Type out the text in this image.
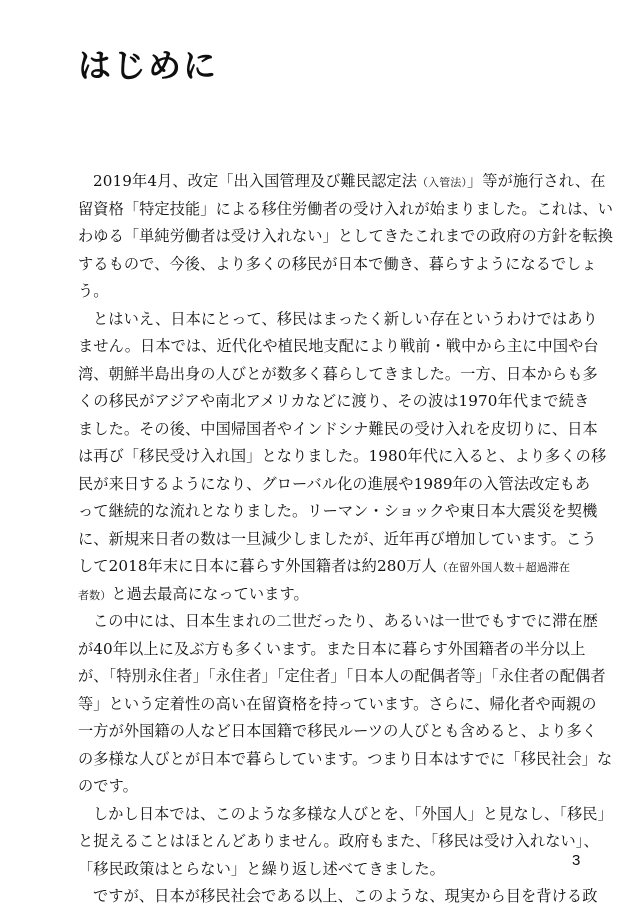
はじめに
2019年4月、改定「出入国管理及び難民認定法（入管法）」等が施行され、在
留資格「特定技能」による移住労働者の受け入れが始まりました。これは、い
わゆる「単純労働者は受け入れない」としてきたこれまでの政府の方針を転換
するもので、今後、より多くの移民が日本で働き、暮らすようになるでしょ
う。
とはいえ、日本にとって、移民はまったく新しい存在というわけではあり
ません。日本では、近代化や植民地支配により戦前・戦中から主に中国や台
湾、朝鮮半島出身の人びとが数多く暮らしてきました。一方、日本からも多
くの移民がアジアや南北アメリカなどに渡り、その波は1970年代まで続き
ました。その後、中国帰国者やインドシナ難民の受け入れを皮切りに、日本
は再び「移民受け入れ国」となりました。1980年代に入ると、より多くの移
民が来日するようになり、グローバル化の進展や1989年の入管法改定もあ
って継続的な流れとなりました。リーマン・ショックや東日本大震災を契機
に、新規来日者の数は一旦減少しましたが、近年再び増加しています。こう
して2018年末に日本に暮らす外国籍者は約280万人（在留外国人数＋超過滞在
者数）と過去最高になっています。
この中には、日本生まれの二世だったり、あるいは一世でもすでに滞在歴
が40年以上に及ぶ方も多くいます。また日本に暮らす外国籍者の半分以上
が、「特別永住者」「永住者」「定住者」「日本人の配偶者等」「永住者の配偶者
等」という定着性の高い在留資格を持っています。さらに、帰化者や両親の
一方が外国籍の人など日本国籍で移民ルーツの人びとも含めると、より多く
の多様な人びとが日本で暮らしています。つまり日本はすでに「移民社会」な
のです。
しかし日本では、このような多様な人びとを、「外国人」と見なし、「移民」
と捉えることはほとんどありません。政府もまた、「移民は受け入れない」、
「移民政策はとらない」と繰り返し述べてきました。
ですが、日本が移民社会である以上、このような、現実から目を背ける政
3
